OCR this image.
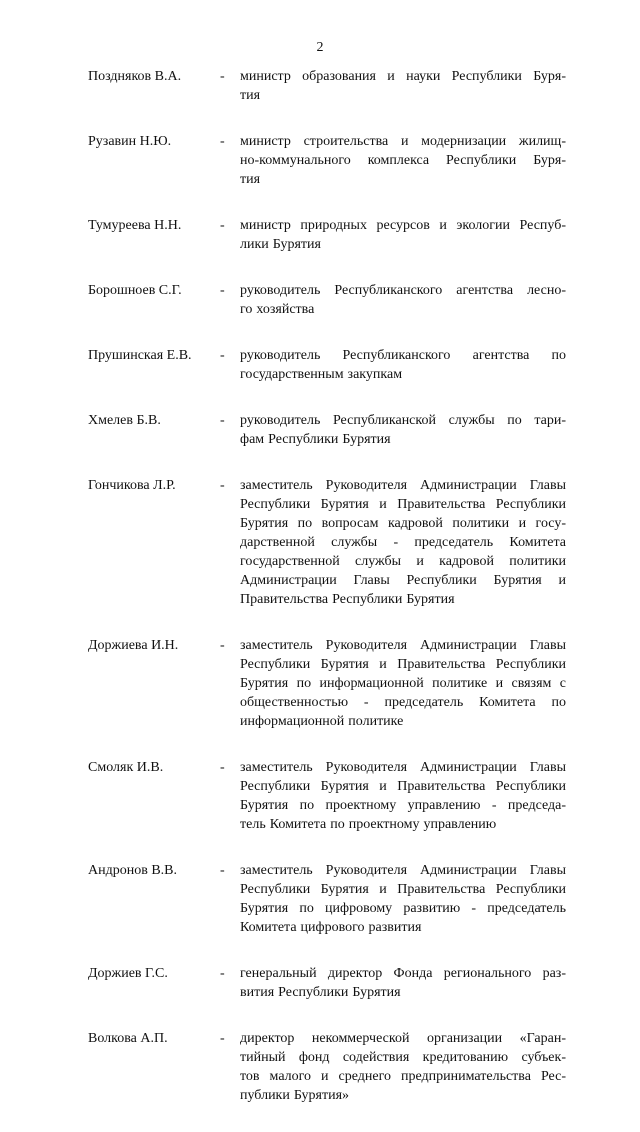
2
Поздняков В.А.	-	министр образования и науки Республики Буря-
тия
Рузавин Н.Ю.	-	министр строительства и модернизации жилищ-
но-коммунального комплекса Республики Буря-
тия
Тумуреева Н.Н.	-	министр природных ресурсов и экологии Респуб-
лики Бурятия
Борошноев С.Г.	-	руководитель Республиканского агентства лесно-
го хозяйства
Прушинская Е.В.	-	руководитель Республиканского агентства по
государственным закупкам
Хмелев Б.В.	-	руководитель Республиканской службы по тари-
фам Республики Бурятия
Гончикова Л.Р.	-	заместитель Руководителя Администрации Главы
Республики Бурятия и Правительства Республики
Бурятия по вопросам кадровой политики и госу-
дарственной службы - председатель Комитета
государственной службы и кадровой политики
Администрации Главы Республики Бурятия и
Правительства Республики Бурятия
Доржиева И.Н.	-	заместитель Руководителя Администрации Главы
Республики Бурятия и Правительства Республики
Бурятия по информационной политике и связям с
общественностью - председатель Комитета по
информационной политике
Смоляк И.В.	-	заместитель Руководителя Администрации Главы
Республики Бурятия и Правительства Республики
Бурятия по проектному управлению - председа-
тель Комитета по проектному управлению
Андронов В.В.	-	заместитель Руководителя Администрации Главы
Республики Бурятия и Правительства Республики
Бурятия по цифровому развитию - председатель
Комитета цифрового развития
Доржиев Г.С.	-	генеральный директор Фонда регионального раз-
вития Республики Бурятия
Волкова А.П.	-	директор некоммерческой организации «Гаран-
тийный фонд содействия кредитованию субъек-
тов малого и среднего предпринимательства Рес-
публики Бурятия»
